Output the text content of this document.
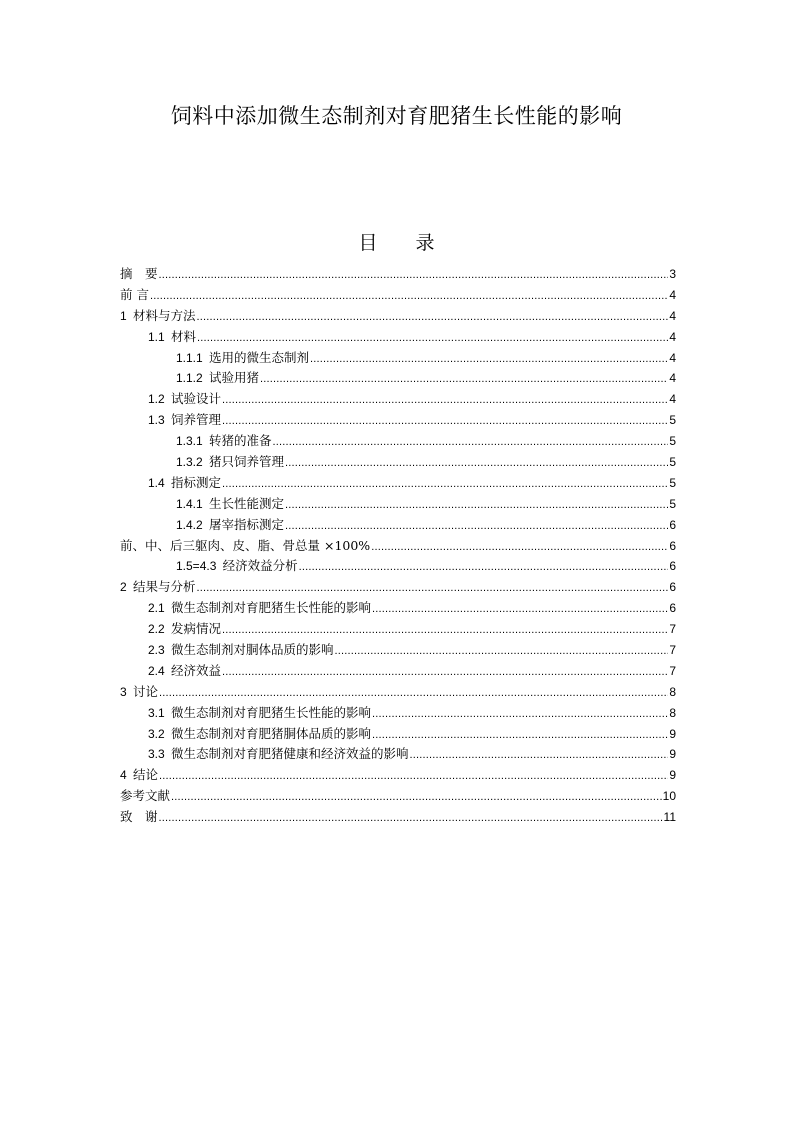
饲料中添加微生态制剂对育肥猪生长性能的影响
目 录
摘　要 .....	3
前 言 .....	4
1  材料与方法 .....	4
1.1  材料 .....	4
1.1.1  选用的微生态制剂 .....	4
1.1.2  试验用猪 .....	4
1.2  试验设计 .....	4
1.3  饲养管理 .....	5
1.3.1  转猪的准备 .....	5
1.3.2  猪只饲养管理 .....	5
1.4  指标测定 .....	5
1.4.1  生长性能测定 .....	5
1.4.2  屠宰指标测定 .....	6
前、中、后三躯肉、皮、脂、骨总量 ×100% .....	6
1.5=4.3  经济效益分析 .....	6
2  结果与分析 .....	6
2.1  微生态制剂对育肥猪生长性能的影响 .....	6
2.2  发病情况 .....	7
2.3  微生态制剂对胴体品质的影响 .....	7
2.4  经济效益 .....	7
3  讨论 .....	8
3.1  微生态制剂对育肥猪生长性能的影响 .....	8
3.2  微生态制剂对育肥猪胴体品质的影响 .....	9
3.3  微生态制剂对育肥猪健康和经济效益的影响 .....	9
4  结论 .....	9
参考文献 .....	10
致　谢 .....	11
